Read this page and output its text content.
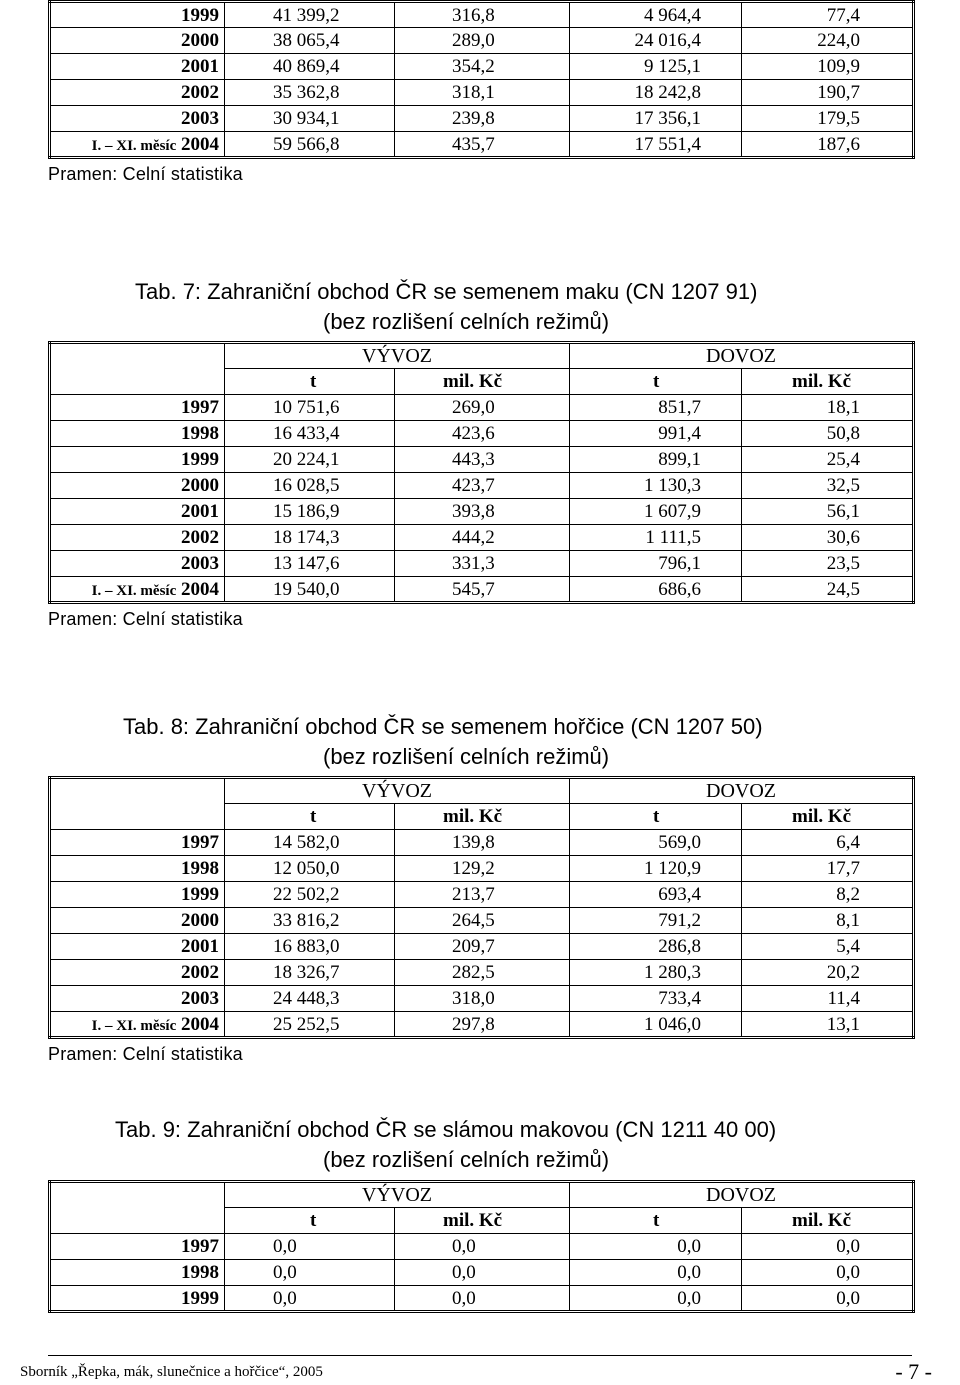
1999	41 399,2	316,8	4 964,4	77,4
2000	38 065,4	289,0	24 016,4	224,0
2001	40 869,4	354,2	9 125,1	109,9
2002	35 362,8	318,1	18 242,8	190,7
2003	30 934,1	239,8	17 356,1	179,5
I. – XI. měsíc 2004	59 566,8	435,7	17 551,4	187,6
Pramen: Celní statistika
Tab. 7: Zahraniční obchod ČR se semenem maku (CN 1207 91)
(bez rozlišení celních režimů)
	VÝVOZ		DOVOZ	
	t	mil. Kč	t	mil. Kč
1997	10 751,6	269,0	851,7	18,1
1998	16 433,4	423,6	991,4	50,8
1999	20 224,1	443,3	899,1	25,4
2000	16 028,5	423,7	1 130,3	32,5
2001	15 186,9	393,8	1 607,9	56,1
2002	18 174,3	444,2	1 111,5	30,6
2003	13 147,6	331,3	796,1	23,5
I. – XI. měsíc 2004	19 540,0	545,7	686,6	24,5
Pramen: Celní statistika
Tab. 8: Zahraniční obchod ČR se semenem hořčice (CN 1207 50)
(bez rozlišení celních režimů)
	VÝVOZ		DOVOZ	
	t	mil. Kč	t	mil. Kč
1997	14 582,0	139,8	569,0	6,4
1998	12 050,0	129,2	1 120,9	17,7
1999	22 502,2	213,7	693,4	8,2
2000	33 816,2	264,5	791,2	8,1
2001	16 883,0	209,7	286,8	5,4
2002	18 326,7	282,5	1 280,3	20,2
2003	24 448,3	318,0	733,4	11,4
I. – XI. měsíc 2004	25 252,5	297,8	1 046,0	13,1
Pramen: Celní statistika
Tab. 9: Zahraniční obchod ČR se slámou makovou (CN 1211 40 00)
(bez rozlišení celních režimů)
	VÝVOZ		DOVOZ	
	t	mil. Kč	t	mil. Kč
1997	0,0	0,0	0,0	0,0
1998	0,0	0,0	0,0	0,0
1999	0,0	0,0	0,0	0,0
Sborník „Řepka, mák, slunečnice a hořčice“, 2005	- 7 -
